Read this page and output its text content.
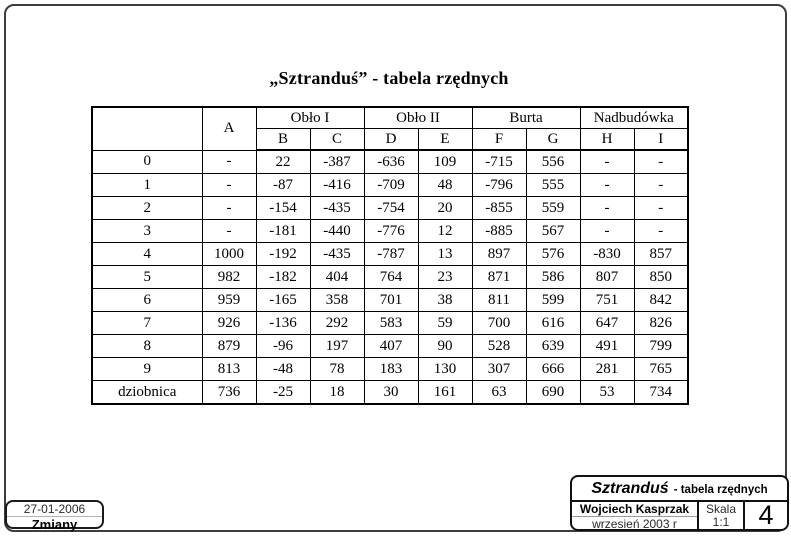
„Sztranduś” - tabela rzędnych
	A	Obło I		Obło II		Burta		Nadbudówka	
		B	C	D	E	F	G	H	I
0	-	22	-387	-636	109	-715	556	-	-
1	-	-87	-416	-709	48	-796	555	-	-
2	-	-154	-435	-754	20	-855	559	-	-
3	-	-181	-440	-776	12	-885	567	-	-
4	1000	-192	-435	-787	13	897	576	-830	857
5	982	-182	404	764	23	871	586	807	850
6	959	-165	358	701	38	811	599	751	842
7	926	-136	292	583	59	700	616	647	826
8	879	-96	197	407	90	528	639	491	799
9	813	-48	78	183	130	307	666	281	765
dziobnica	736	-25	18	30	161	63	690	53	734
27-01-2006
Zmiany
Sztranduś - tabela rzędnych
Wojciech Kasprzak
wrzesień 2003 r
Skala
1:1	4
